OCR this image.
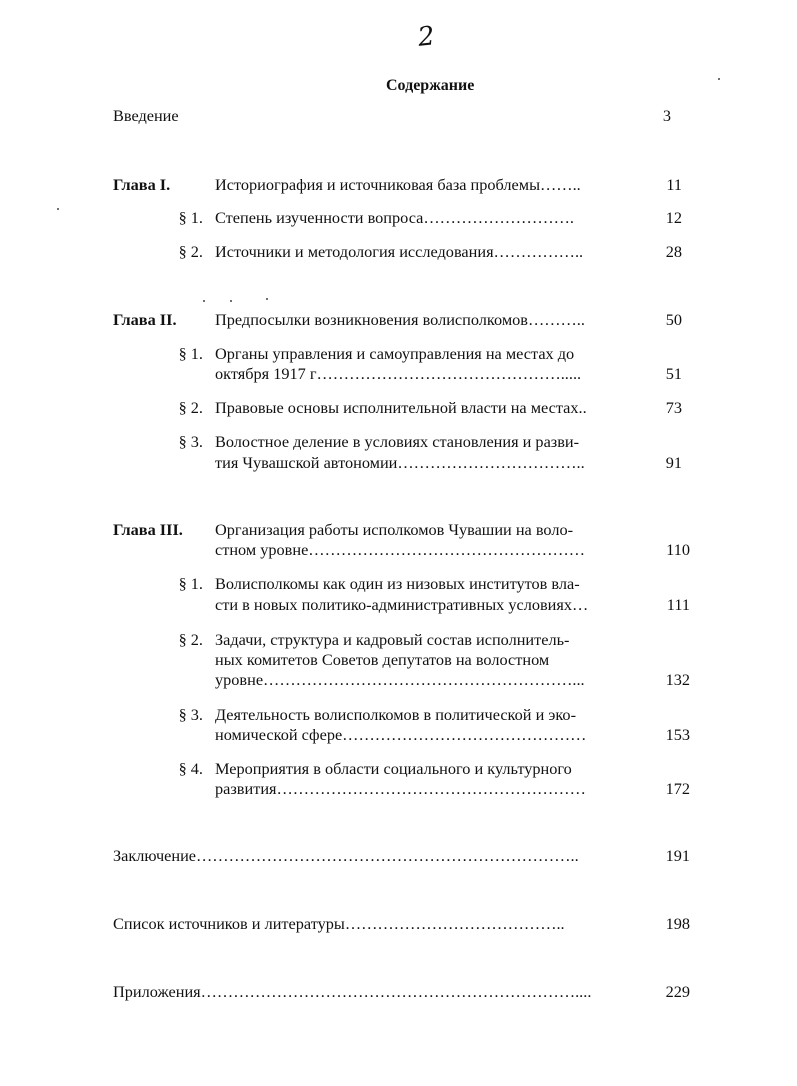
2
Содержание
Введение	3
Глава I.	Историография и источниковая база проблемы……..	11
§ 1. Степень изученности вопроса……………………….	12
§ 2. Источники и методология исследования……………..	28
Глава II. Предпосылки возникновения волисполкомов………..	50
§ 1. Органы управления и самоуправления на местах до
октября 1917 г……………………………………….....	51
§ 2. Правовые основы исполнительной власти на местах..	73
§ 3. Волостное деление в условиях становления и разви-
тия Чувашской автономии……………………………..	91
Глава III. Организация работы исполкомов Чувашии на воло-
стном уровне……………………………………………	110
§ 1. Волисполкомы как один из низовых институтов вла-
сти в новых политико-административных условиях…	111
§ 2. Задачи, структура и кадровый состав исполнитель-
ных комитетов Советов депутатов на волостном
уровне…………………………………………………...	132
§ 3. Деятельность волисполкомов в политической и эко-
номической сфере………………………………………	153
§ 4. Мероприятия в области социального и культурного
развития…………………………………………………	172
Заключение……………………………………………………………..	191
Список источников и литературы…………………………………..	198
Приложения……………………………………………………………....	229
